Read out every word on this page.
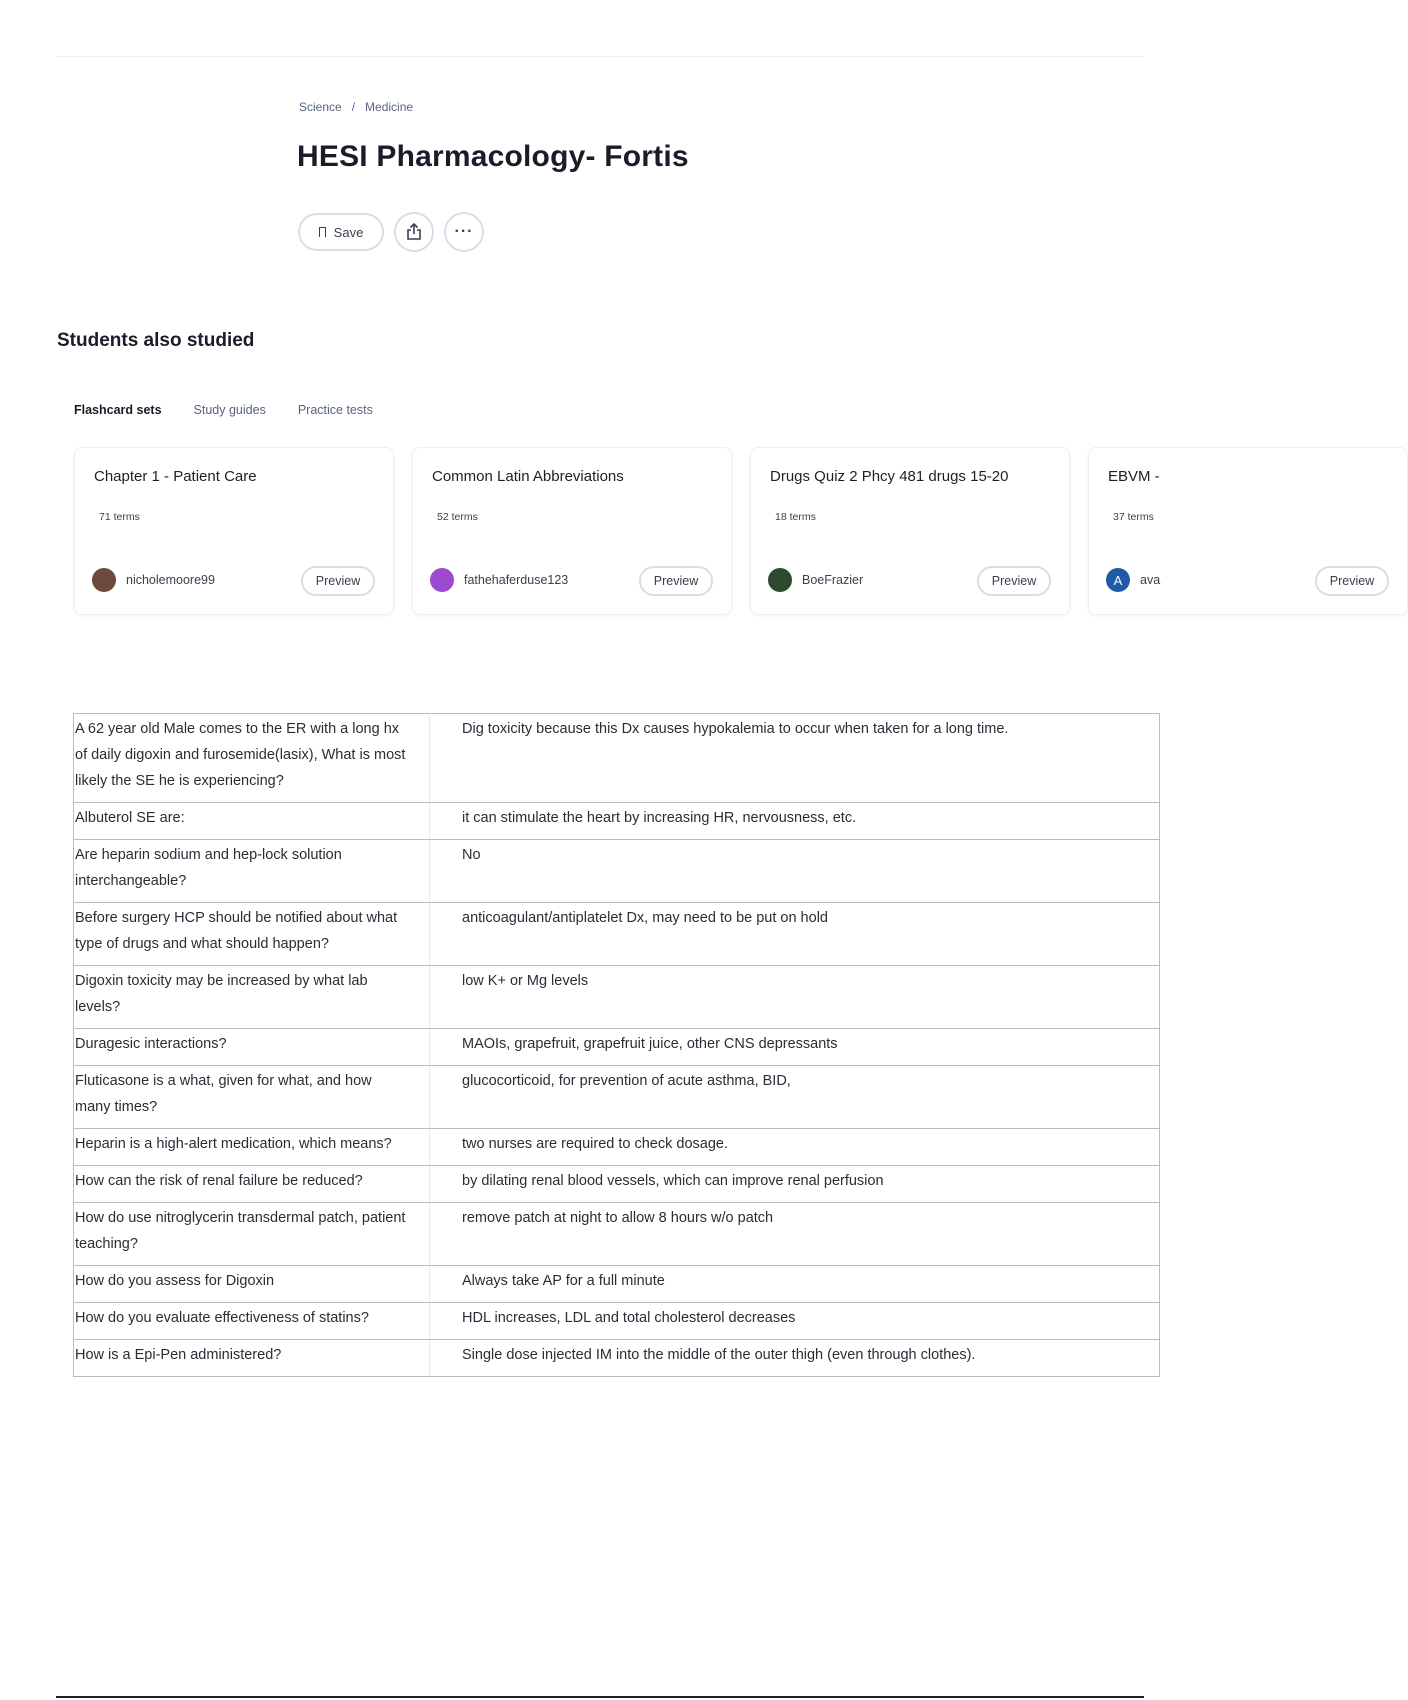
Science / Medicine
HESI Pharmacology- Fortis
Save	···
Students also studied
Flashcard sets	Study guides	Practice tests
Chapter 1 - Patient Care
71 terms
nicholemoore99	Preview
Common Latin Abbreviations
52 terms
fathehaferduse123	Preview
Drugs Quiz 2 Phcy 481 drugs 15-20
18 terms
BoeFrazier	Preview
EBVM -
37 terms
A	ava	Preview
A 62 year old Male comes to the ER with a long hx of daily digoxin and furosemide(lasix), What is most likely the SE he is experiencing?	Dig toxicity because this Dx causes hypokalemia to occur when taken for a long time.
Albuterol SE are:	it can stimulate the heart by increasing HR, nervousness, etc.
Are heparin sodium and hep-lock solution interchangeable?	No
Before surgery HCP should be notified about what type of drugs and what should happen?	anticoagulant/antiplatelet Dx, may need to be put on hold
Digoxin toxicity may be increased by what lab levels?	low K+ or Mg levels
Duragesic interactions?	MAOIs, grapefruit, grapefruit juice, other CNS depressants
Fluticasone is a what, given for what, and how many times?	glucocorticoid, for prevention of acute asthma, BID,
Heparin is a high-alert medication, which means?	two nurses are required to check dosage.
How can the risk of renal failure be reduced?	by dilating renal blood vessels, which can improve renal perfusion
How do use nitroglycerin transdermal patch, patient teaching?	remove patch at night to allow 8 hours w/o patch
How do you assess for Digoxin	Always take AP for a full minute
How do you evaluate effectiveness of statins?	HDL increases, LDL and total cholesterol decreases
How is a Epi-Pen administered?	Single dose injected IM into the middle of the outer thigh (even through clothes).
